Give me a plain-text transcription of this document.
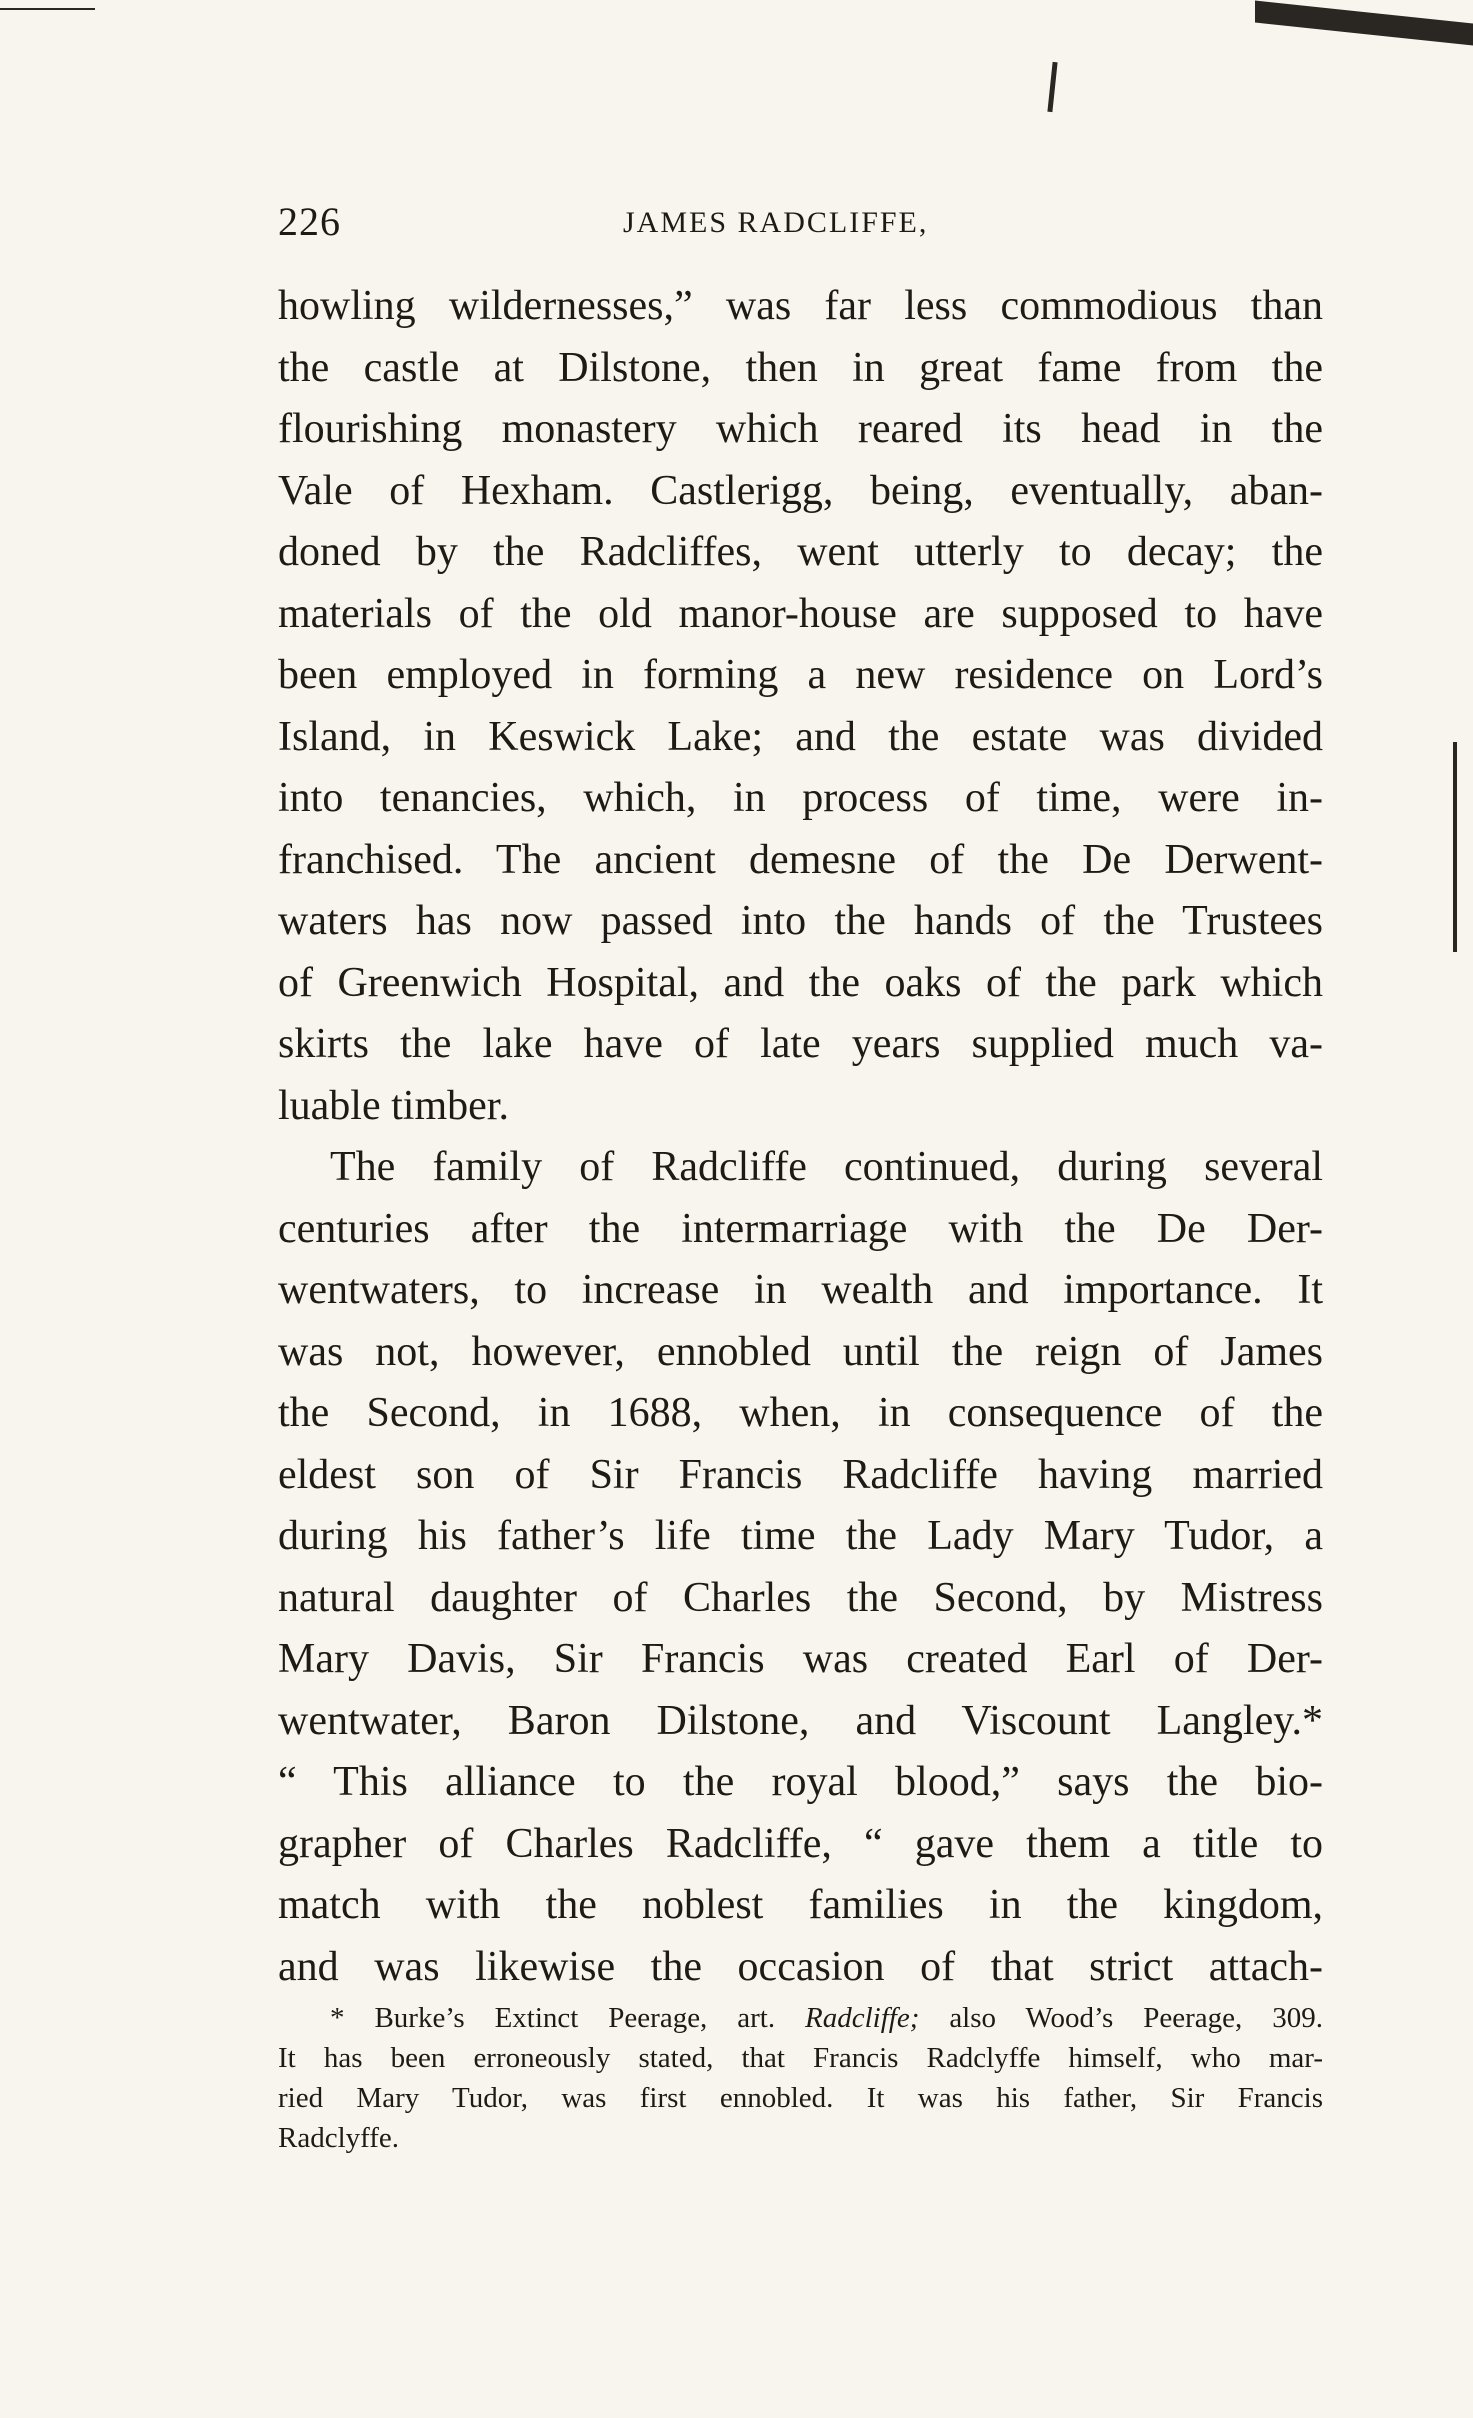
226	JAMES RADCLIFFE,
howling wildernesses,” was far less commodious than
the castle at Dilstone, then in great fame from the
flourishing monastery which reared its head in the
Vale of Hexham. Castlerigg, being, eventually, aban-
doned by the Radcliffes, went utterly to decay; the
materials of the old manor-house are supposed to have
been employed in forming a new residence on Lord’s
Island, in Keswick Lake; and the estate was divided
into tenancies, which, in process of time, were in-
franchised. The ancient demesne of the De Derwent-
waters has now passed into the hands of the Trustees
of Greenwich Hospital, and the oaks of the park which
skirts the lake have of late years supplied much va-
luable timber.
The family of Radcliffe continued, during several
centuries after the intermarriage with the De Der-
wentwaters, to increase in wealth and importance. It
was not, however, ennobled until the reign of James
the Second, in 1688, when, in consequence of the
eldest son of Sir Francis Radcliffe having married
during his father’s life time the Lady Mary Tudor, a
natural daughter of Charles the Second, by Mistress
Mary Davis, Sir Francis was created Earl of Der-
wentwater, Baron Dilstone, and Viscount Langley.*
“ This alliance to the royal blood,” says the bio-
grapher of Charles Radcliffe, “ gave them a title to
match with the noblest families in the kingdom,
and was likewise the occasion of that strict attach-
* Burke’s Extinct Peerage, art. Radcliffe; also Wood’s Peerage, 309.
It has been erroneously stated, that Francis Radclyffe himself, who mar-
ried Mary Tudor, was first ennobled. It was his father, Sir Francis
Radclyffe.
